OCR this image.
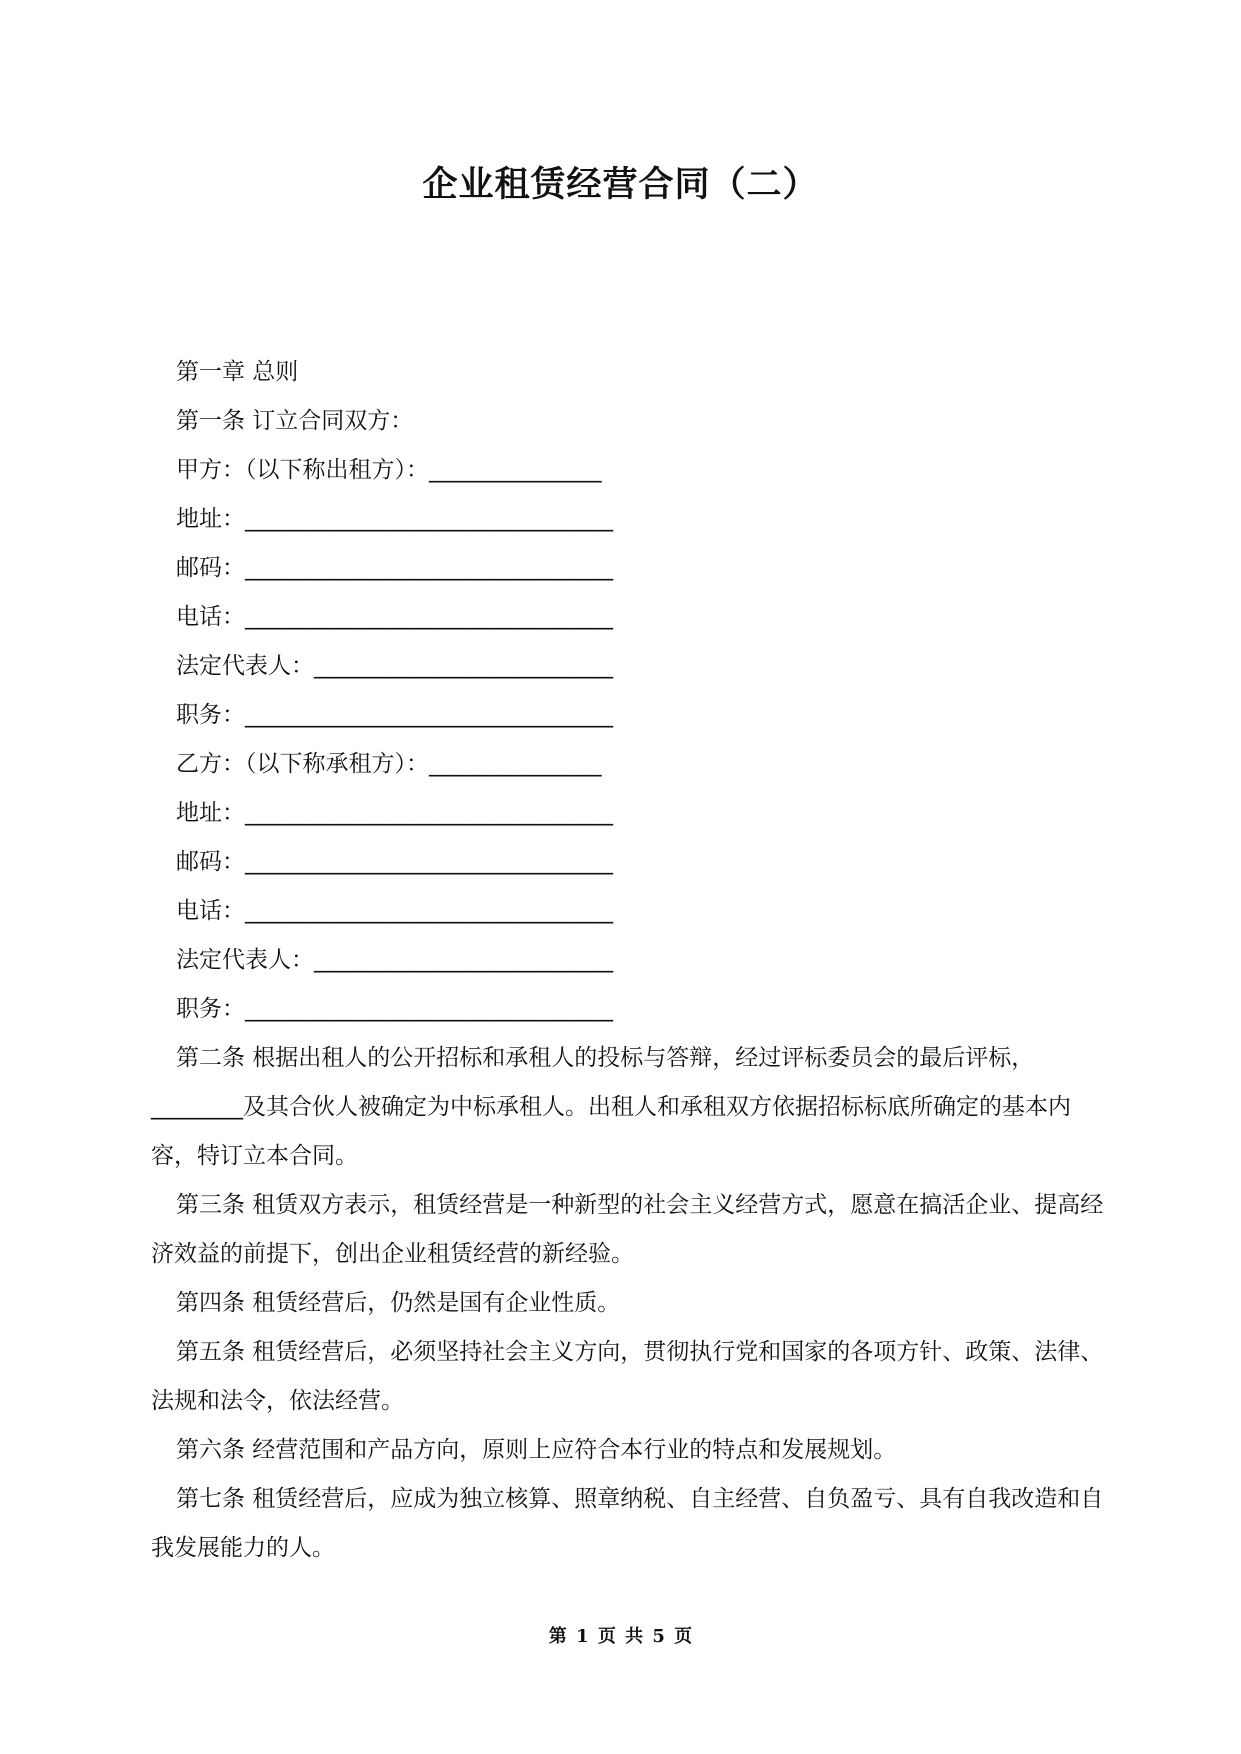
企业租赁经营合同（二）

第一章 总则

第一条 订立合同双方：

甲方：（以下称出租方）：_______________

地址：________________________________

邮码：________________________________

电话：________________________________

法定代表人：__________________________

职务：________________________________

乙方：（以下称承租方）：_______________

地址：________________________________

邮码：________________________________

电话：________________________________

法定代表人：__________________________

职务：________________________________

第二条 根据出租人的公开招标和承租人的投标与答辩，经过评标委员会的最后评标，________及其合伙人被确定为中标承租人。出租人和承租双方依据招标标底所确定的基本内容，特订立本合同。

第三条 租赁双方表示，租赁经营是一种新型的社会主义经营方式，愿意在搞活企业、提高经济效益的前提下，创出企业租赁经营的新经验。

第四条 租赁经营后，仍然是国有企业性质。

第五条 租赁经营后，必须坚持社会主义方向，贯彻执行党和国家的各项方针、政策、法律、法规和法令，依法经营。

第六条 经营范围和产品方向，原则上应符合本行业的特点和发展规划。

第七条 租赁经营后，应成为独立核算、照章纳税、自主经营、自负盈亏、具有自我改造和自我发展能力的人。

第 1 页 共 5 页
